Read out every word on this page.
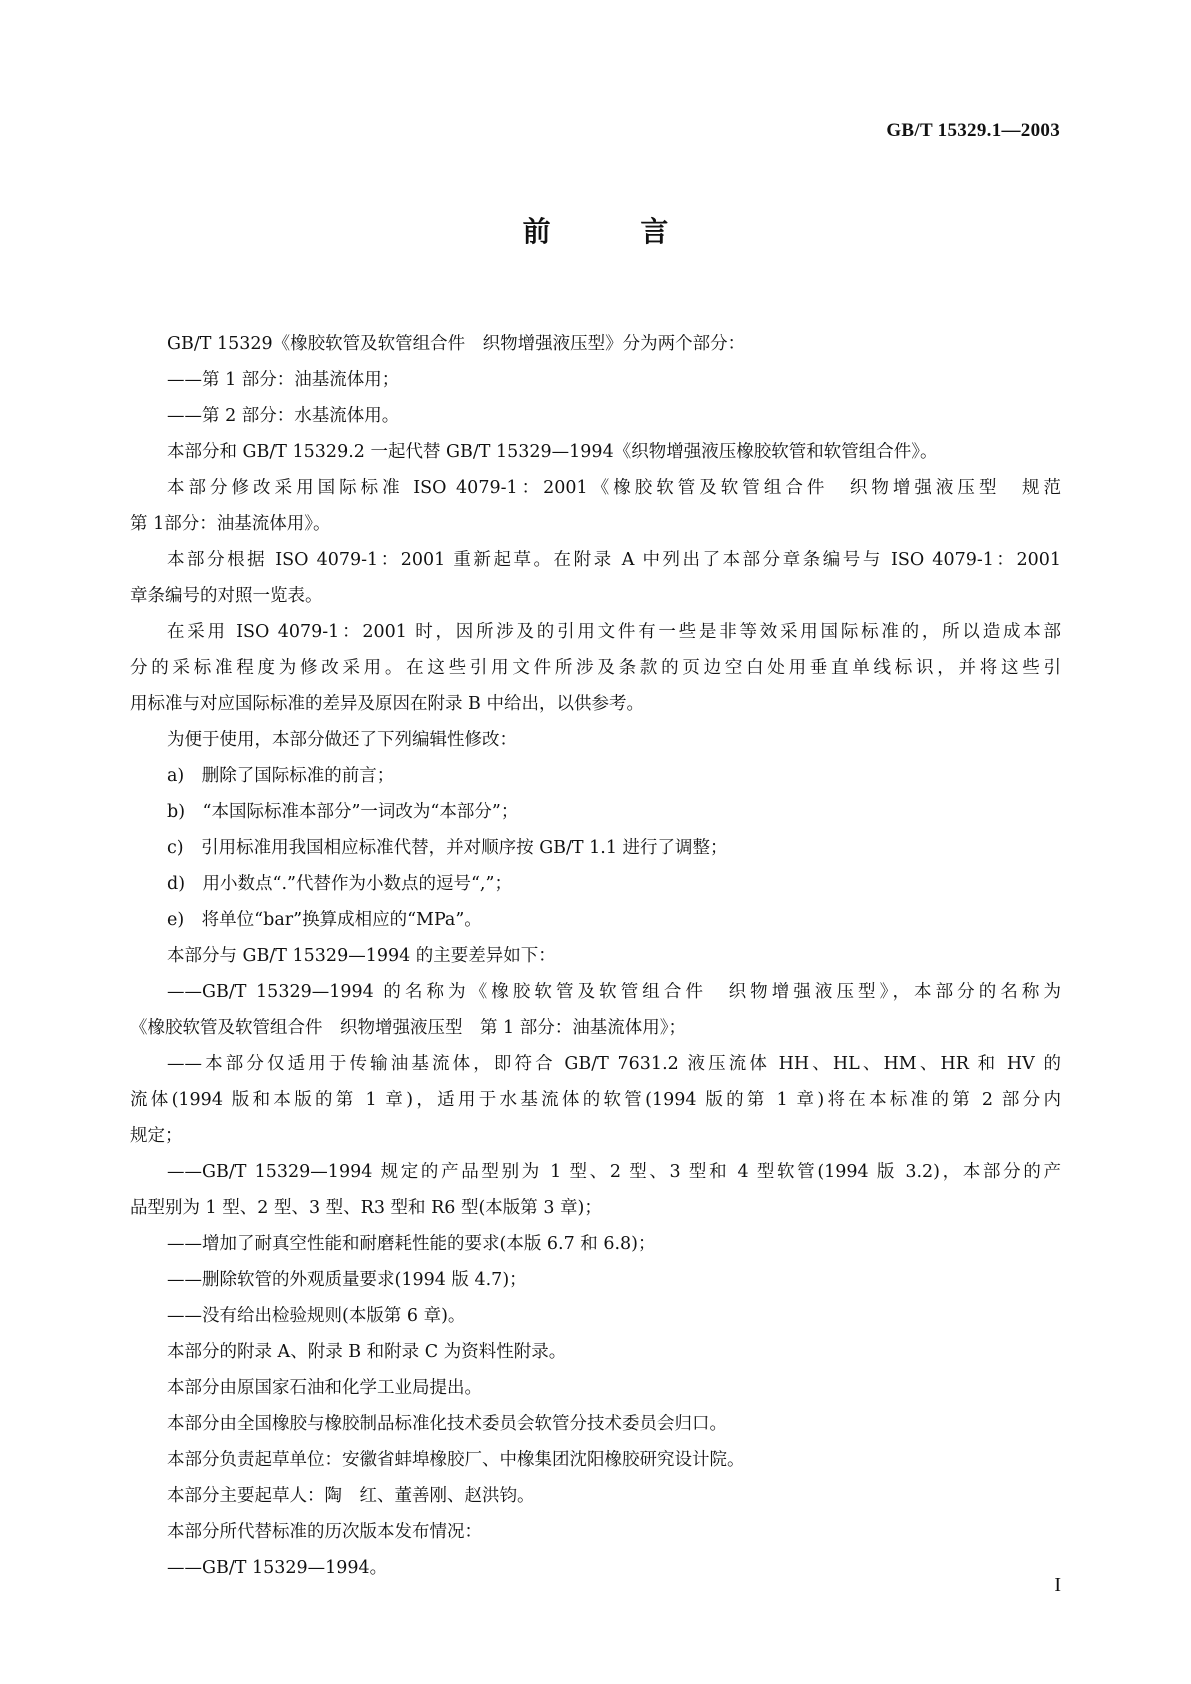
GB/T 15329.1—2003
前 言
GB/T 15329《橡胶软管及软管组合件　织物增强液压型》分为两个部分：
——第 1 部分：油基流体用；
——第 2 部分：水基流体用。
本部分和 GB/T 15329.2 一起代替 GB/T 15329—1994《织物增强液压橡胶软管和软管组合件》。
本部分修改采用国际标准 ISO 4079-1：2001《橡胶软管及软管组合件　织物增强液压型　规范
第 1部分：油基流体用》。
本部分根据 ISO 4079-1：2001 重新起草。在附录 A 中列出了本部分章条编号与 ISO 4079-1：2001
章条编号的对照一览表。
在采用 ISO 4079-1：2001 时，因所涉及的引用文件有一些是非等效采用国际标准的，所以造成本部
分的采标准程度为修改采用。在这些引用文件所涉及条款的页边空白处用垂直单线标识，并将这些引
用标准与对应国际标准的差异及原因在附录 B 中给出，以供参考。
为便于使用，本部分做还了下列编辑性修改：
a)　删除了国际标准的前言；
b)　“本国际标准本部分”一词改为“本部分”；
c)　引用标准用我国相应标准代替，并对顺序按 GB/T 1.1 进行了调整；
d)　用小数点“.”代替作为小数点的逗号“,”；
e)　将单位“bar”换算成相应的“MPa”。
本部分与 GB/T 15329—1994 的主要差异如下：
——GB/T 15329—1994 的名称为《橡胶软管及软管组合件　织物增强液压型》，本部分的名称为
《橡胶软管及软管组合件　织物增强液压型　第 1 部分：油基流体用》；
——本部分仅适用于传输油基流体，即符合 GB/T 7631.2 液压流体 HH、HL、HM、HR 和 HV 的
流体(1994 版和本版的第 1 章)，适用于水基流体的软管(1994 版的第 1 章)将在本标准的第 2 部分内
规定；
——GB/T 15329—1994 规定的产品型别为 1 型、2 型、3 型和 4 型软管(1994 版 3.2)，本部分的产
品型别为 1 型、2 型、3 型、R3 型和 R6 型(本版第 3 章)；
——增加了耐真空性能和耐磨耗性能的要求(本版 6.7 和 6.8)；
——删除软管的外观质量要求(1994 版 4.7)；
——没有给出检验规则(本版第 6 章)。
本部分的附录 A、附录 B 和附录 C 为资料性附录。
本部分由原国家石油和化学工业局提出。
本部分由全国橡胶与橡胶制品标准化技术委员会软管分技术委员会归口。
本部分负责起草单位：安徽省蚌埠橡胶厂、中橡集团沈阳橡胶研究设计院。
本部分主要起草人：陶　红、董善刚、赵洪钧。
本部分所代替标准的历次版本发布情况：
——GB/T 15329—1994。
I
